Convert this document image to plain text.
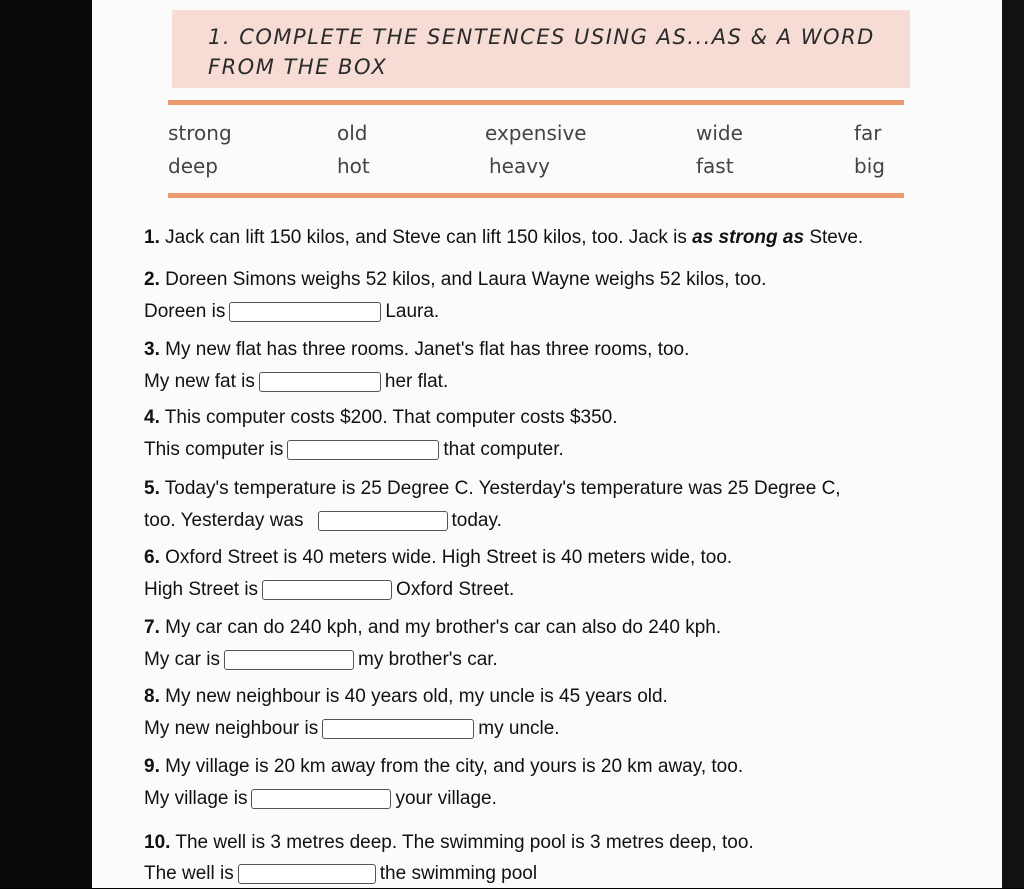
1. COMPLETE THE SENTENCES USING AS...AS & A WORD FROM THE BOX
strong	old	expensive	wide	far
deep	hot	heavy	fast	big
1. Jack can lift 150 kilos, and Steve can lift 150 kilos, too. Jack is as strong as Steve.
2. Doreen Simons weighs 52 kilos, and Laura Wayne weighs 52 kilos, too.
Doreen is	Laura.
3. My new flat has three rooms. Janet's flat has three rooms, too.
My new fat is	her flat.
4. This computer costs $200. That computer costs $350.
This computer is	that computer.
5. Today's temperature is 25 Degree C. Yesterday's temperature was 25 Degree C,
too. Yesterday was	today.
6. Oxford Street is 40 meters wide. High Street is 40 meters wide, too.
High Street is	Oxford Street.
7. My car can do 240 kph, and my brother's car can also do 240 kph.
My car is	my brother's car.
8. My new neighbour is 40 years old, my uncle is 45 years old.
My new neighbour is	my uncle.
9. My village is 20 km away from the city, and yours is 20 km away, too.
My village is	your village.
10. The well is 3 metres deep. The swimming pool is 3 metres deep, too.
The well is	the swimming pool
